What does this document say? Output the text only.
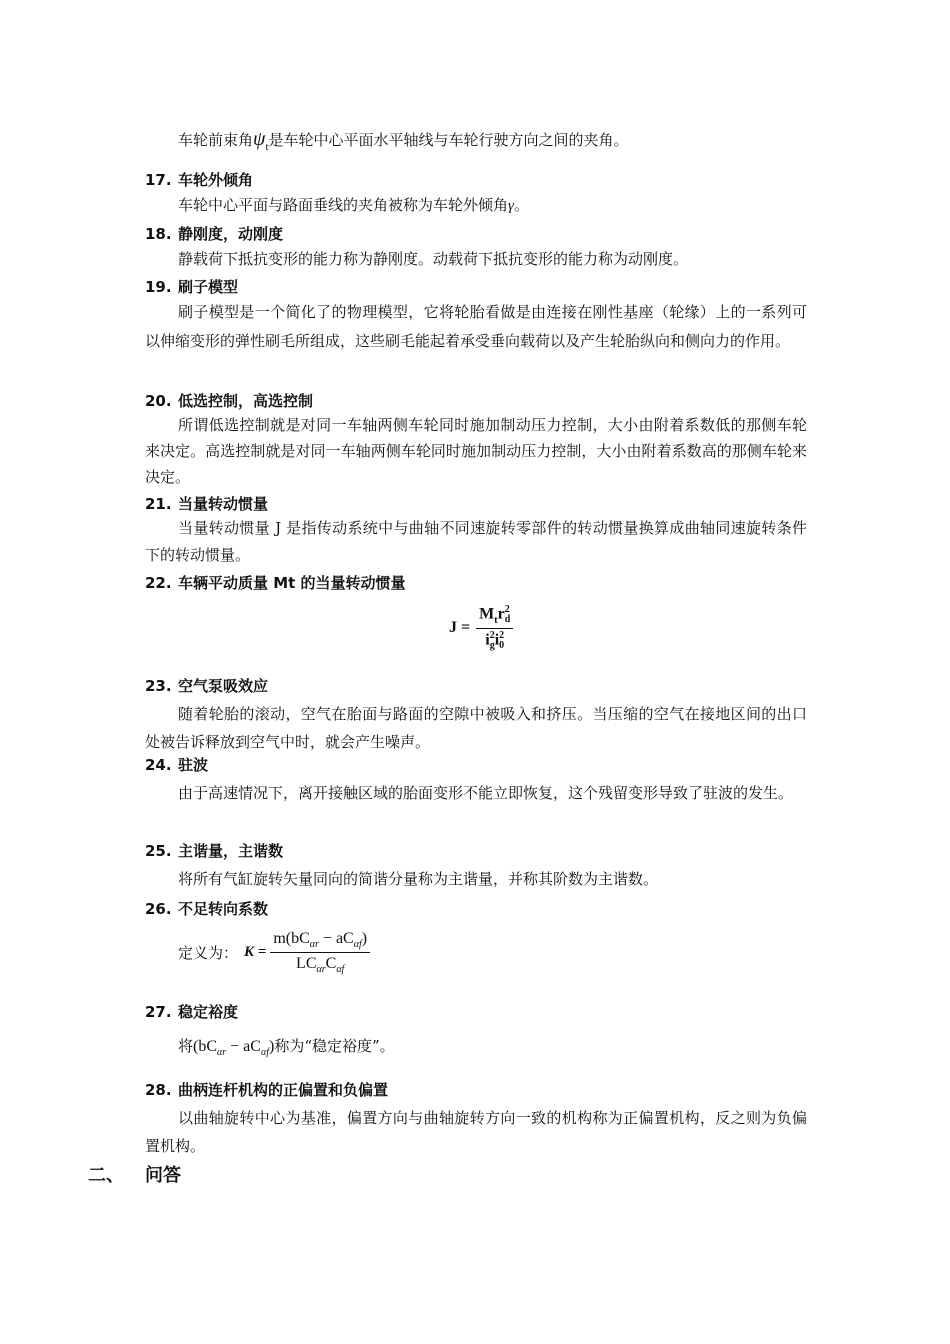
车轮前束角$\psi_t$是车轮中心平面水平轴线与车轮行驶方向之间的夹角。

17. 车轮外倾角

车轮中心平面与路面垂线的夹角被称为车轮外倾角γ。

18. 静刚度，动刚度

静载荷下抵抗变形的能力称为静刚度。动载荷下抵抗变形的能力称为动刚度。

19. 刷子模型

刷子模型是一个简化了的物理模型，它将轮胎看做是由连接在刚性基座（轮缘）上的一系列可以伸缩变形的弹性刷毛所组成，这些刷毛能起着承受垂向载荷以及产生轮胎纵向和侧向力的作用。

20. 低选控制，高选控制

所谓低选控制就是对同一车轴两侧车轮同时施加制动压力控制，大小由附着系数低的那侧车轮来决定。高选控制就是对同一车轴两侧车轮同时施加制动压力控制，大小由附着系数高的那侧车轮来决定。

21. 当量转动惯量

当量转动惯量 J 是指传动系统中与曲轴不同速旋转零部件的转动惯量换算成曲轴同速旋转条件下的转动惯量。

22. 车辆平动质量 Mt 的当量转动惯量
$J = M_tr$ 2
d
i 2
g i 2
0
23. 空气泵吸效应

随着轮胎的滚动，空气在胎面与路面的空隙中被吸入和挤压。当压缩的空气在接地区间的出口处被告诉释放到空气中时，就会产生噪声。

24. 驻波

由于高速情况下，离开接触区域的胎面变形不能立即恢复，这个残留变形导致了驻波的发生。

25. 主谐量，主谐数

将所有气缸旋转矢量同向的简谐分量称为主谐量，并称其阶数为主谐数。

26. 不足转向系数
定义为： $K = \frac{m(bC_{\alpha r} - aC_{\alpha f})}{LC_{\alpha r}C_{\alpha f}}$
27. 稳定裕度
将$(bC_{\alpha r} - aC_{\alpha f})$称为“稳定裕度”。
28. 曲柄连杆机构的正偏置和负偏置

以曲轴旋转中心为基准，偏置方向与曲轴旋转方向一致的机构称为正偏置机构，反之则为负偏置机构。

二、 问答
